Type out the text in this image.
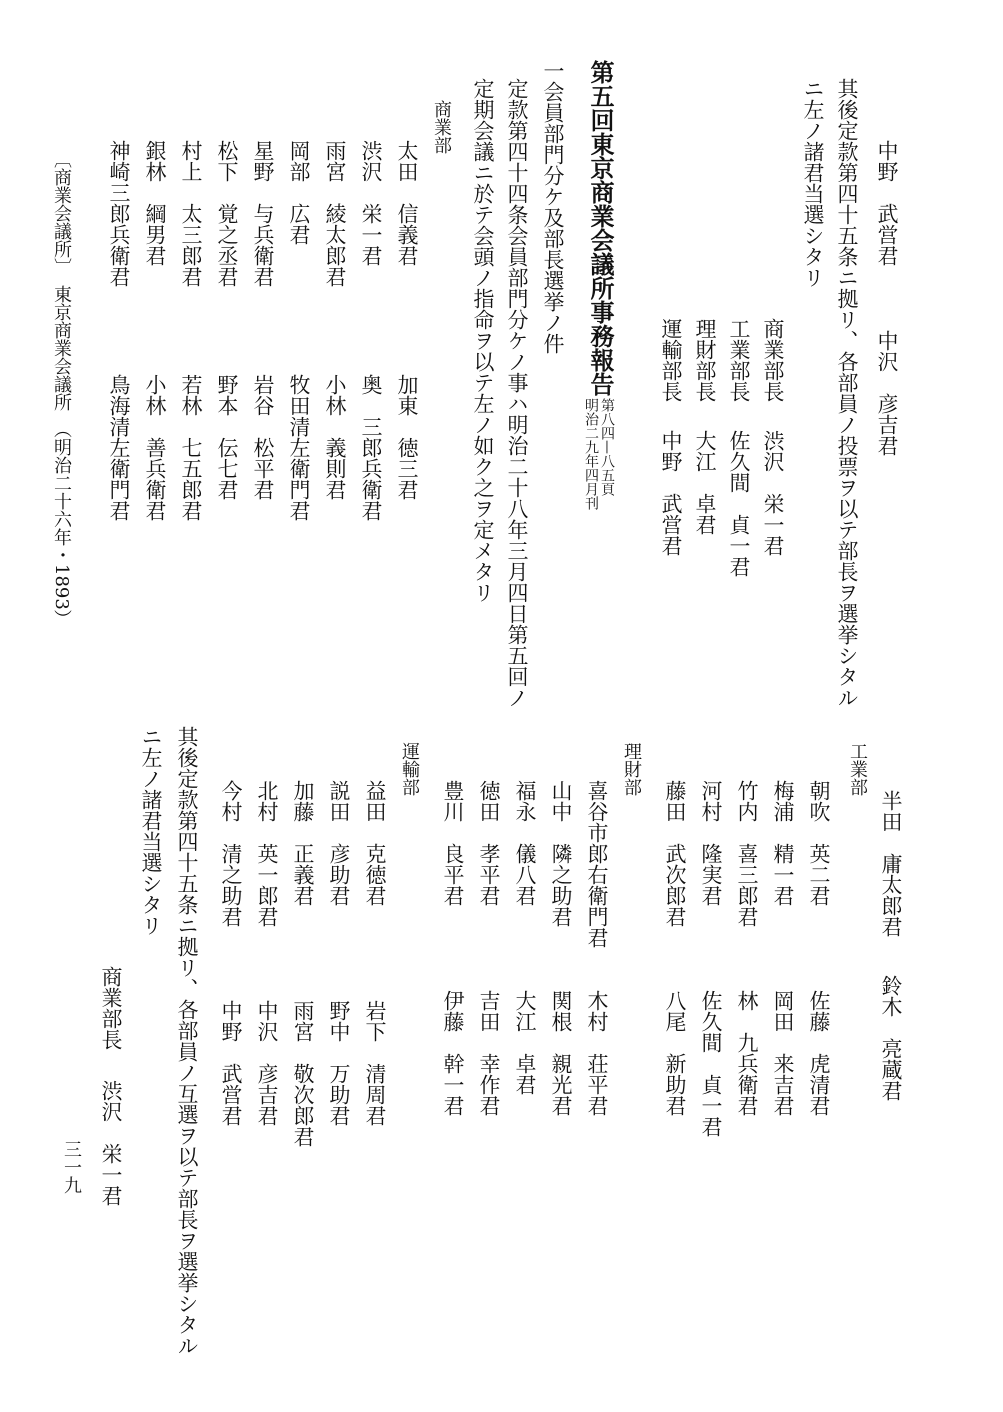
中野　武営君
中沢　彦吉君
其後定款第四十五条ニ拠リ、各部員ノ投票ヲ以テ部長ヲ選挙シタル
ニ左ノ諸君当選シタリ
商業部長
渋沢　栄一君
工業部長
佐久間　貞一君
理財部長
大江　卓君
運輸部長
中野　武営君
第五回東京商業会議所事務報告
第八四—八五頁
明治二九年四月刊
一会員部門分ケ及部長選挙ノ件
定款第四十四条会員部門分ケノ事ハ明治二十八年三月四日第五回ノ
定期会議ニ於テ会頭ノ指命ヲ以テ左ノ如ク之ヲ定メタリ
商業部
太田　信義君
渋沢　栄一君
雨宮　綾太郎君
岡部　広君
星野　与兵衛君
松下　覚之丞君
村上　太三郎君
銀林　綱男君
神崎三郎兵衛君
加東　徳三君
奥　三郎兵衛君
小林　義則君
牧田清左衛門君
岩谷　松平君
野本　伝七君
若林　七五郎君
小林　善兵衛君
鳥海清左衛門君
〔商業会議所〕　東京商業会議所　（明治二十六年・1893）
半田　庸太郎君
鈴木　亮蔵君
工業部
朝吹　英二君
梅浦　精一君
竹内　喜三郎君
河村　隆実君
藤田　武次郎君
佐藤　虎清君
岡田　来吉君
林　九兵衛君
佐久間　貞一君
八尾　新助君
理財部
喜谷市郎右衛門君
山中　隣之助君
福永　儀八君
徳田　孝平君
豊川　良平君
木村　荘平君
関根　親光君
大江　卓君
吉田　幸作君
伊藤　幹一君
運輸部
益田　克徳君
説田　彦助君
加藤　正義君
北村　英一郎君
今村　清之助君
岩下　清周君
野中　万助君
雨宮　敬次郎君
中沢　彦吉君
中野　武営君
其後定款第四十五条ニ拠リ、各部員ノ互選ヲ以テ部長ヲ選挙シタル
ニ左ノ諸君当選シタリ
商業部長
渋沢　栄一君
三一九
